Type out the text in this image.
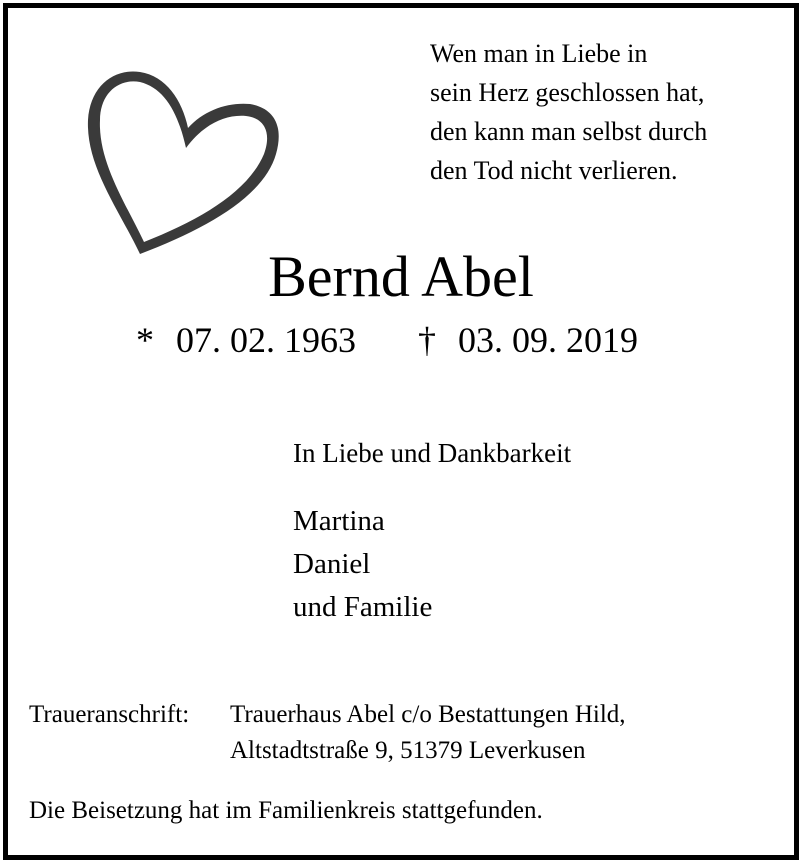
Wen man in Liebe in
sein Herz geschlossen hat,
den kann man selbst durch
den Tod nicht verlieren.
Bernd Abel
* 07. 02. 1963 † 03. 09. 2019
In Liebe und Dankbarkeit
Martina
Daniel
und Familie
Traueranschrift: Trauerhaus Abel c/o Bestattungen Hild,
Altstadtstraße 9, 51379 Leverkusen
Die Beisetzung hat im Familienkreis stattgefunden.
